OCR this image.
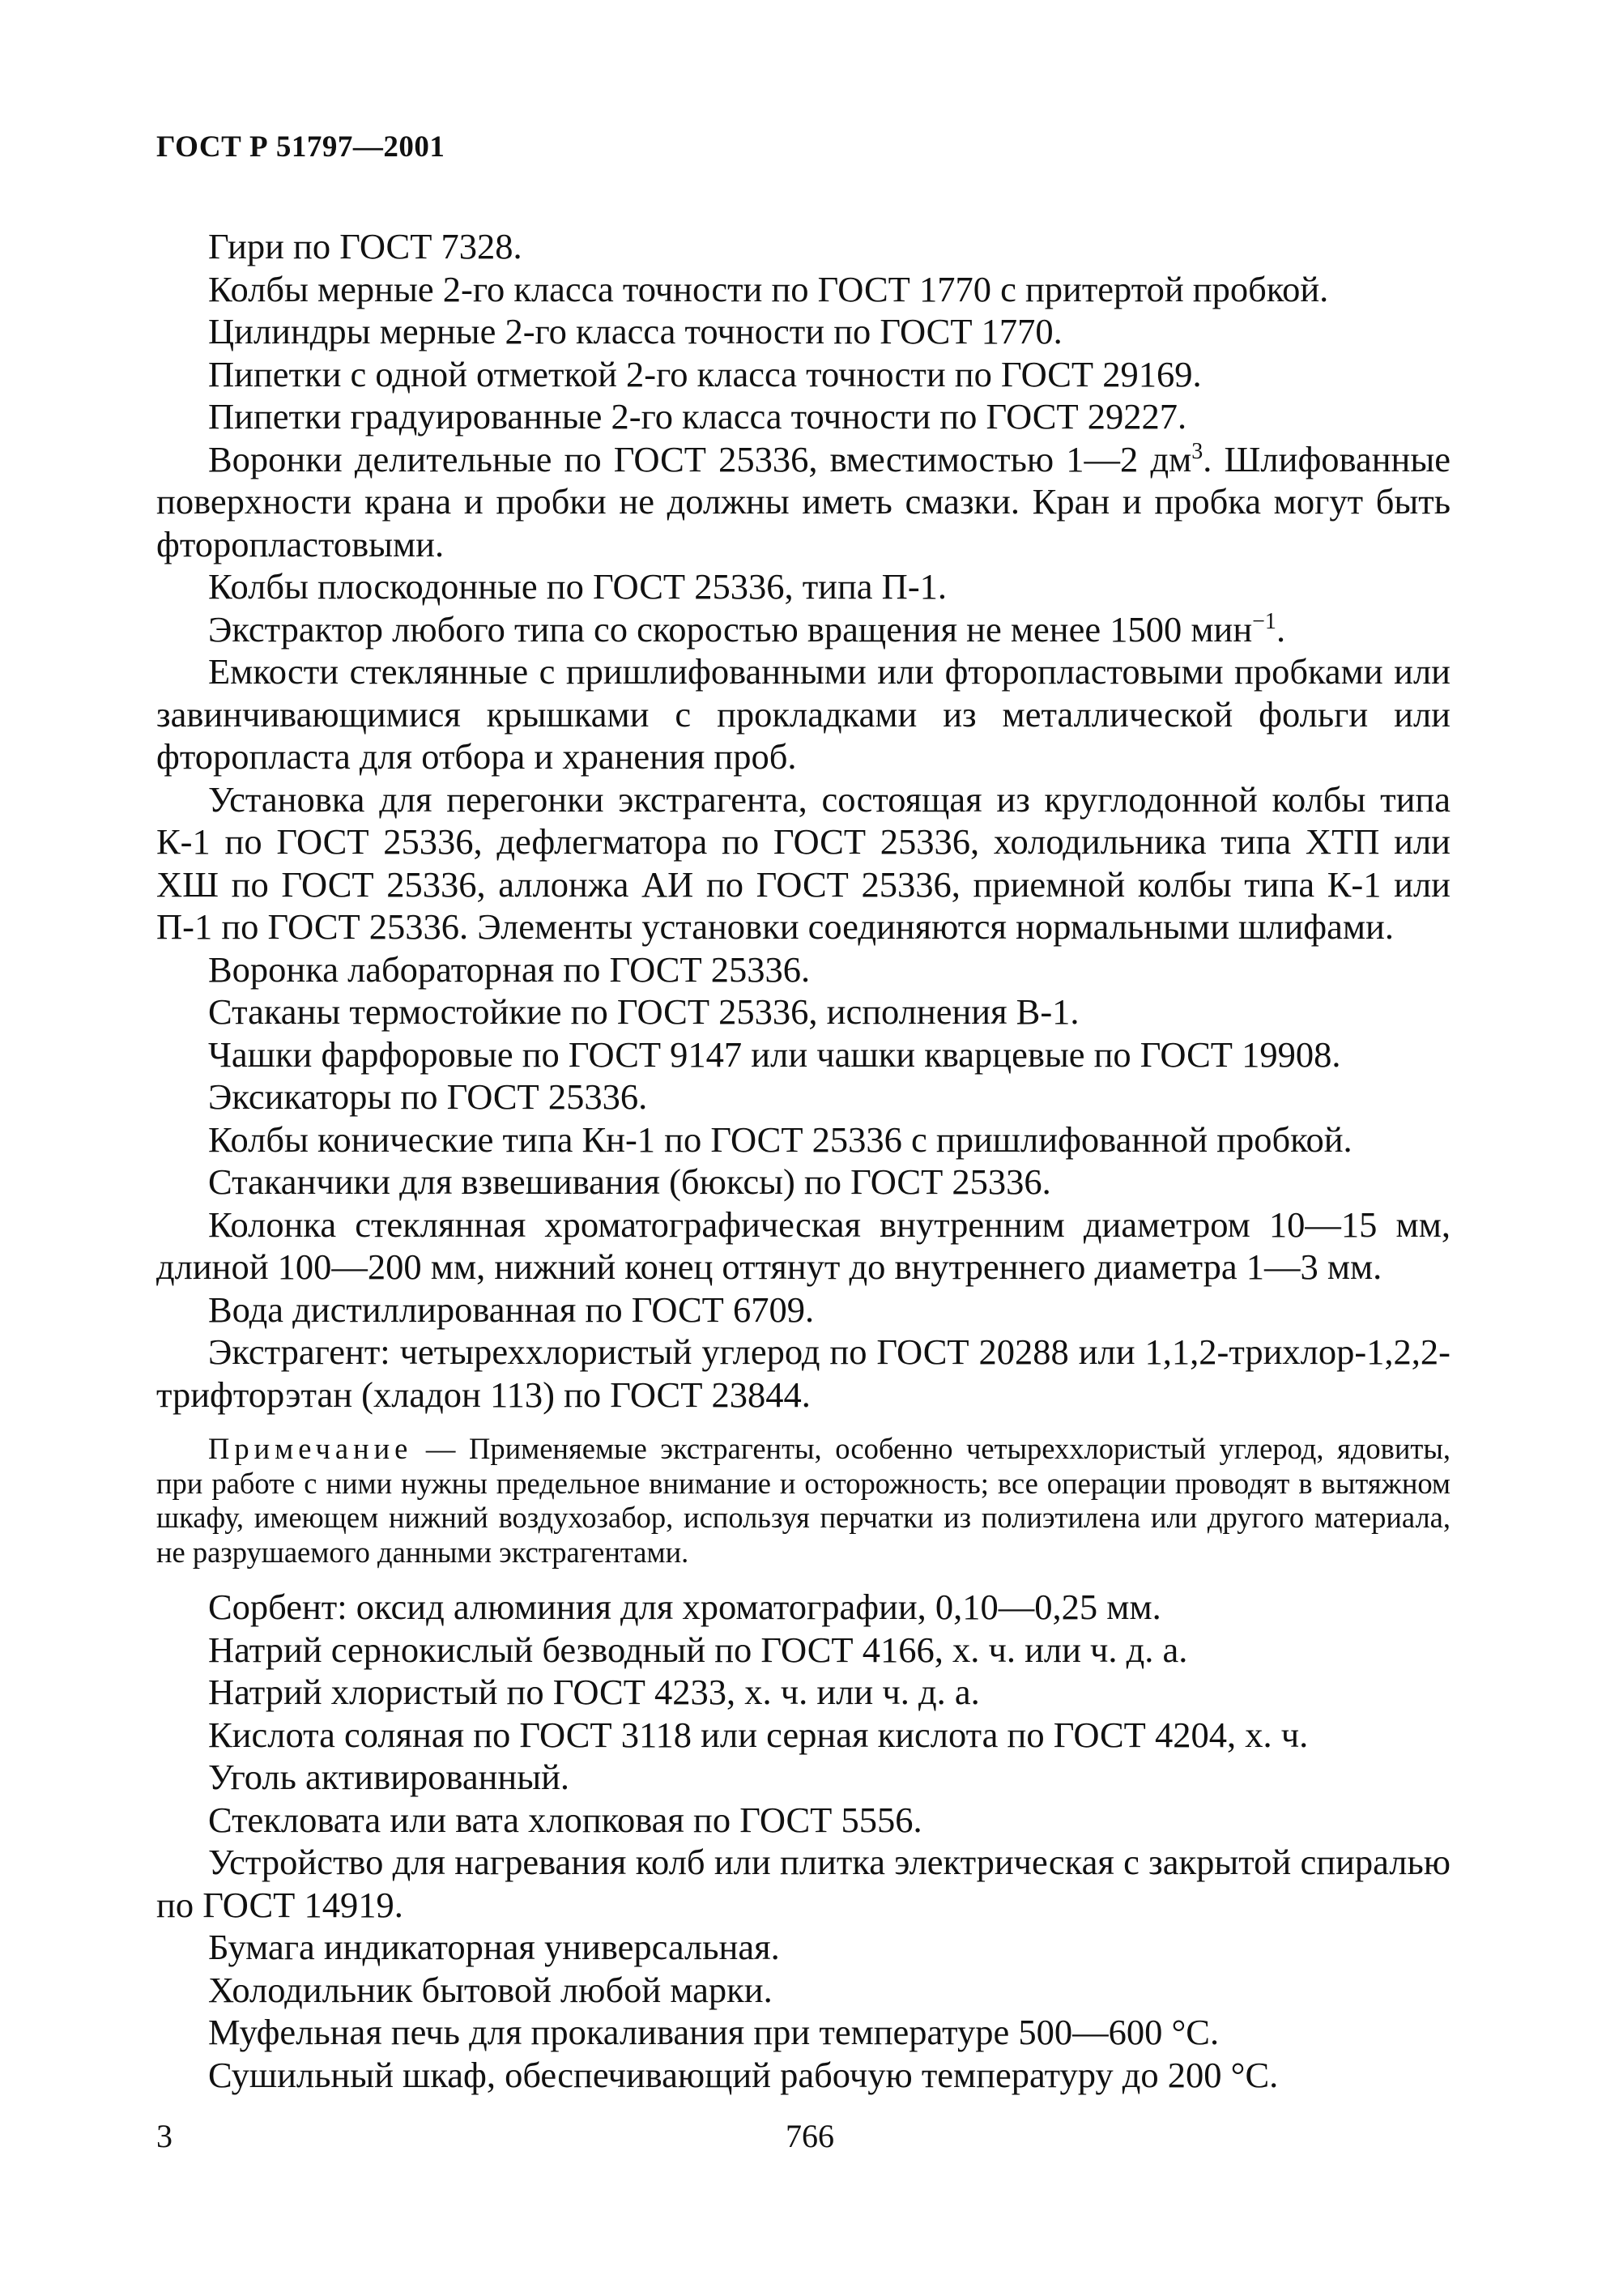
ГОСТ Р 51797—2001

Гири по ГОСТ 7328.

Колбы мерные 2-го класса точности по ГОСТ 1770 с притертой пробкой.

Цилиндры мерные 2-го класса точности по ГОСТ 1770.

Пипетки с одной отметкой 2-го класса точности по ГОСТ 29169.

Пипетки градуированные 2-го класса точности по ГОСТ 29227.

Воронки делительные по ГОСТ 25336, вместимостью 1—2 $дм^3$. Шлифованные поверхности крана и пробки не должны иметь смазки. Кран и пробка могут быть фторопластовыми.

Колбы плоскодонные по ГОСТ 25336, типа П-1.

Экстрактор любого типа со скоростью вращения не менее 1500 мин$^{-1}$.

Емкости стеклянные с пришлифованными или фторопластовыми пробками или завинчивающимися крышками с прокладками из металлической фольги или фторопласта для отбора и хранения проб.

Установка для перегонки экстрагента, состоящая из круглодонной колбы типа К-1 по ГОСТ 25336, дефлегматора по ГОСТ 25336, холодильника типа ХТП или ХШ по ГОСТ 25336, аллонжа АИ по ГОСТ 25336, приемной колбы типа К-1 или П-1 по ГОСТ 25336. Элементы установки соединяются нормальными шлифами.

Воронка лабораторная по ГОСТ 25336.

Стаканы термостойкие по ГОСТ 25336, исполнения В-1.

Чашки фарфоровые по ГОСТ 9147 или чашки кварцевые по ГОСТ 19908.

Эксикаторы по ГОСТ 25336.

Колбы конические типа Кн-1 по ГОСТ 25336 с пришлифованной пробкой.

Стаканчики для взвешивания (бюксы) по ГОСТ 25336.

Колонка стеклянная хроматографическая внутренним диаметром 10—15 мм, длиной 100—200 мм, нижний конец оттянут до внутреннего диаметра 1—3 мм.

Вода дистиллированная по ГОСТ 6709.

Экстрагент: четыреххлористый углерод по ГОСТ 20288 или 1,1,2-трихлор-1,2,2-трифторэтан (хладон 113) по ГОСТ 23844.

Примечание — Применяемые экстрагенты, особенно четыреххлористый углерод, ядовиты, при работе с ними нужны предельное внимание и осторожность; все операции проводят в вытяжном шкафу, имеющем нижний воздухозабор, используя перчатки из полиэтилена или другого материала, не разрушаемого данными экстрагентами.

Сорбент: оксид алюминия для хроматографии, 0,10—0,25 мм.

Натрий сернокислый безводный по ГОСТ 4166, х. ч. или ч. д. а.

Натрий хлористый по ГОСТ 4233, х. ч. или ч. д. а.

Кислота соляная по ГОСТ 3118 или серная кислота по ГОСТ 4204, х. ч.

Уголь активированный.

Стекловата или вата хлопковая по ГОСТ 5556.

Устройство для нагревания колб или плитка электрическая с закрытой спиралью по ГОСТ 14919.

Бумага индикаторная универсальная.

Холодильник бытовой любой марки.

Муфельная печь для прокаливания при температуре 500—600 °С.

Сушильный шкаф, обеспечивающий рабочую температуру до 200 °С.

3	766
